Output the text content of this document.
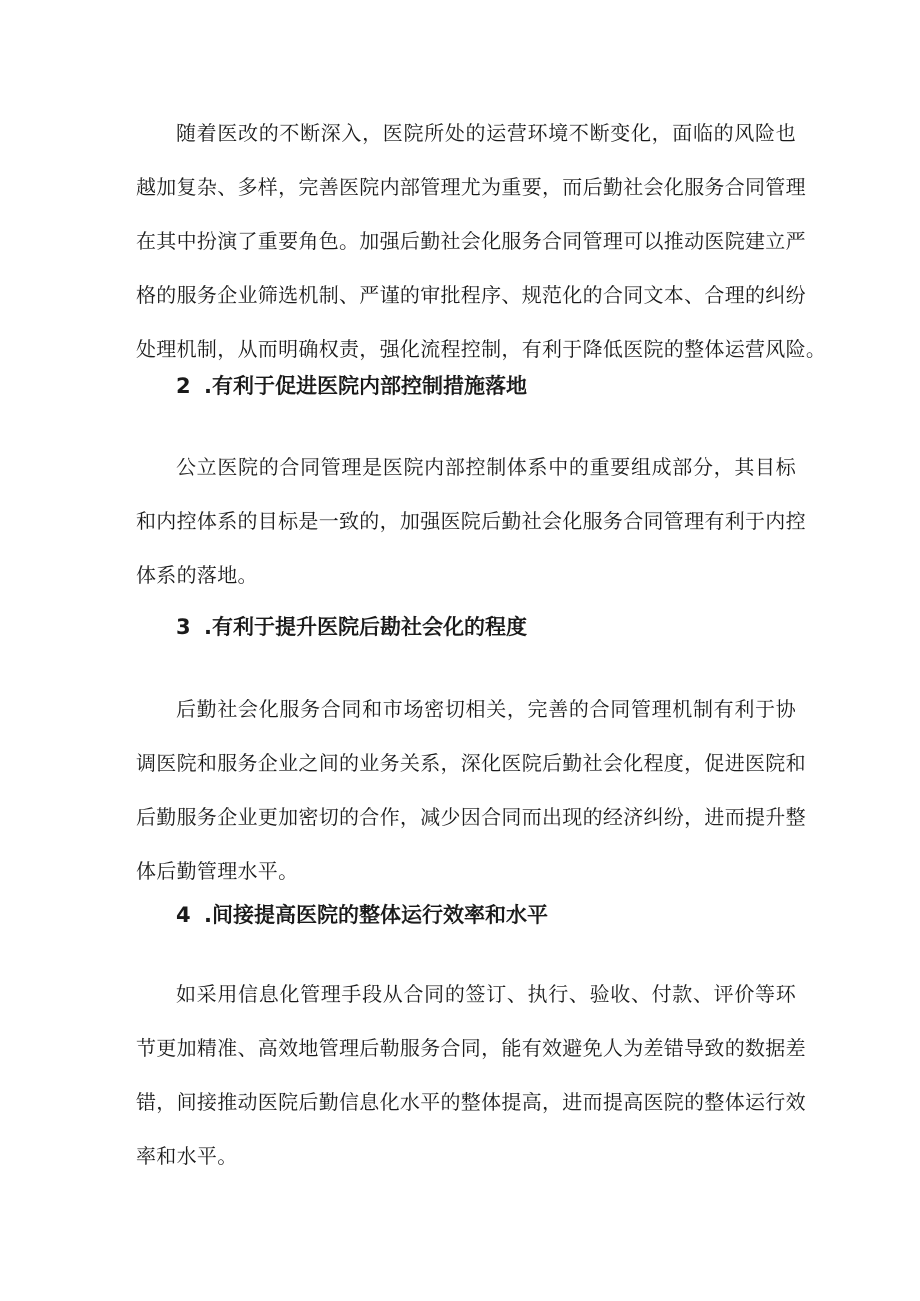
随着医改的不断深入，医院所处的运营环境不断变化，面临的风险也
越加复杂、多样，完善医院内部管理尤为重要，而后勤社会化服务合同管理
在其中扮演了重要角色。加强后勤社会化服务合同管理可以推动医院建立严
格的服务企业筛选机制、严谨的审批程序、规范化的合同文本、合理的纠纷
处理机制，从而明确权责，强化流程控制，有利于降低医院的整体运营风险。
2 .有利于促进医院内部控制措施落地
公立医院的合同管理是医院内部控制体系中的重要组成部分，其目标
和内控体系的目标是一致的，加强医院后勤社会化服务合同管理有利于内控
体系的落地。
3 .有利于提升医院后勘社会化的程度
后勤社会化服务合同和市场密切相关，完善的合同管理机制有利于协
调医院和服务企业之间的业务关系，深化医院后勤社会化程度，促进医院和
后勤服务企业更加密切的合作，减少因合同而出现的经济纠纷，进而提升整
体后勤管理水平。
4 .间接提高医院的整体运行效率和水平
如采用信息化管理手段从合同的签订、执行、验收、付款、评价等环
节更加精准、高效地管理后勒服务合同，能有效避免人为差错导致的数据差
错，间接推动医院后勤信息化水平的整体提高，进而提高医院的整体运行效
率和水平。
